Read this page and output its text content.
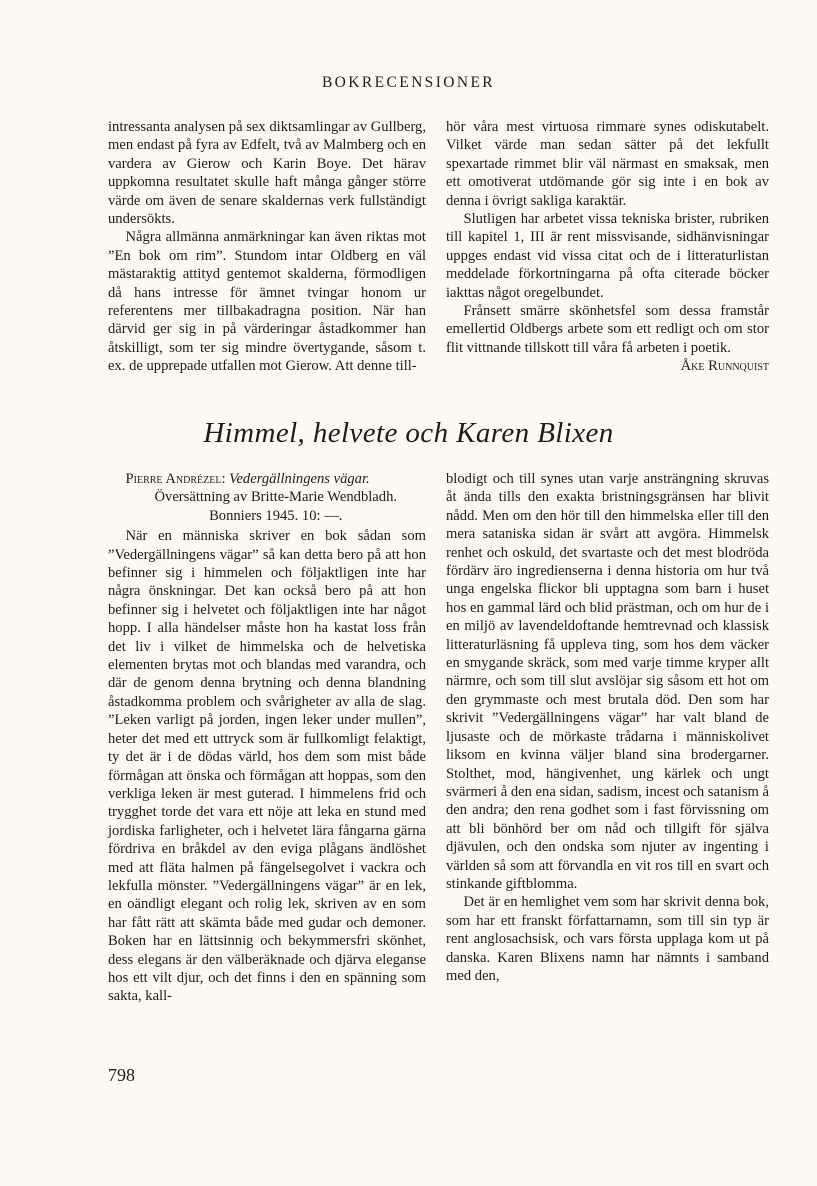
BOKRECENSIONER

intressanta analysen på sex diktsamlingar av Gullberg, men endast på fyra av Edfelt, två av Malmberg och en vardera av Gierow och Karin Boye. Det härav uppkomna resultatet skulle haft många gånger större värde om även de senare skaldernas verk fullständigt undersökts.

Några allmänna anmärkningar kan även riktas mot ”En bok om rim”. Stundom intar Oldberg en väl mästaraktig attityd gentemot skalderna, förmodligen då hans intresse för ämnet tvingar honom ur referentens mer tillbakadragna position. När han därvid ger sig in på värderingar åstadkommer han åtskilligt, som ter sig mindre övertygande, såsom t. ex. de upprepade utfallen mot Gierow. Att denne till-

hör våra mest virtuosa rimmare synes odiskutabelt. Vilket värde man sedan sätter på det lekfullt spexartade rimmet blir väl närmast en smaksak, men ett omotiverat utdömande gör sig inte i en bok av denna i övrigt sakliga karaktär.

Slutligen har arbetet vissa tekniska brister, rubriken till kapitel 1, III är rent missvisande, sidhänvisningar uppges endast vid vissa citat och de i litteraturlistan meddelade förkortningarna på ofta citerade böcker iakttas något oregelbundet.

Frånsett smärre skönhetsfel som dessa framstår emellertid Oldbergs arbete som ett redligt och om stor flit vittnande tillskott till våra få arbeten i poetik.

Åke Runnquist

Himmel, helvete och Karen Blixen

Pierre Andrézel: Vedergällningens vägar.
Översättning av Britte-Marie Wendbladh.
Bonniers 1945. 10: —.

När en människa skriver en bok sådan som ”Vedergällningens vägar” så kan detta bero på att hon befinner sig i himmelen och följaktligen inte har några önskningar. Det kan också bero på att hon befinner sig i helvetet och följaktligen inte har något hopp. I alla händelser måste hon ha kastat loss från det liv i vilket de himmelska och de helvetiska elementen brytas mot och blandas med varandra, och där de genom denna brytning och denna blandning åstadkomma problem och svårigheter av alla de slag. ”Leken varligt på jorden, ingen leker under mullen”, heter det med ett uttryck som är fullkomligt felaktigt, ty det är i de dödas värld, hos dem som mist både förmågan att önska och förmågan att hoppas, som den verkliga leken är mest guterad. I himmelens frid och trygghet torde det vara ett nöje att leka en stund med jordiska farligheter, och i helvetet lära fångarna gärna fördriva en bråkdel av den eviga plågans ändlöshet med att fläta halmen på fängelsegolvet i vackra och lekfulla mönster. ”Vedergällningens vägar” är en lek, en oändligt elegant och rolig lek, skriven av en som har fått rätt att skämta både med gudar och demoner. Boken har en lättsinnig och bekymmersfri skönhet, dess elegans är den välberäknade och djärva eleganse hos ett vilt djur, och det finns i den en spänning som sakta, kall-

blodigt och till synes utan varje ansträngning skruvas åt ända tills den exakta bristningsgränsen har blivit nådd. Men om den hör till den himmelska eller till den mera sataniska sidan är svårt att avgöra. Himmelsk renhet och oskuld, det svartaste och det mest blodröda fördärv äro ingredienserna i denna historia om hur två unga engelska flickor bli upptagna som barn i huset hos en gammal lärd och blid prästman, och om hur de i en miljö av lavendeldoftande hemtrevnad och klassisk litteraturläsning få uppleva ting, som hos dem väcker en smygande skräck, som med varje timme kryper allt närmre, och som till slut avslöjar sig såsom ett hot om den grymmaste och mest brutala död. Den som har skrivit ”Vedergällningens vägar” har valt bland de ljusaste och de mörkaste trådarna i människolivet liksom en kvinna väljer bland sina brodergarner. Stolthet, mod, hängivenhet, ung kärlek och ungt svärmeri å den ena sidan, sadism, incest och satanism å den andra; den rena godhet som i fast förvissning om att bli bönhörd ber om nåd och tillgift för själva djävulen, och den ondska som njuter av ingenting i världen så som att förvandla en vit ros till en svart och stinkande giftblomma.

Det är en hemlighet vem som har skrivit denna bok, som har ett franskt författarnamn, som till sin typ är rent anglosachsisk, och vars första upplaga kom ut på danska. Karen Blixens namn har nämnts i samband med den,

798
